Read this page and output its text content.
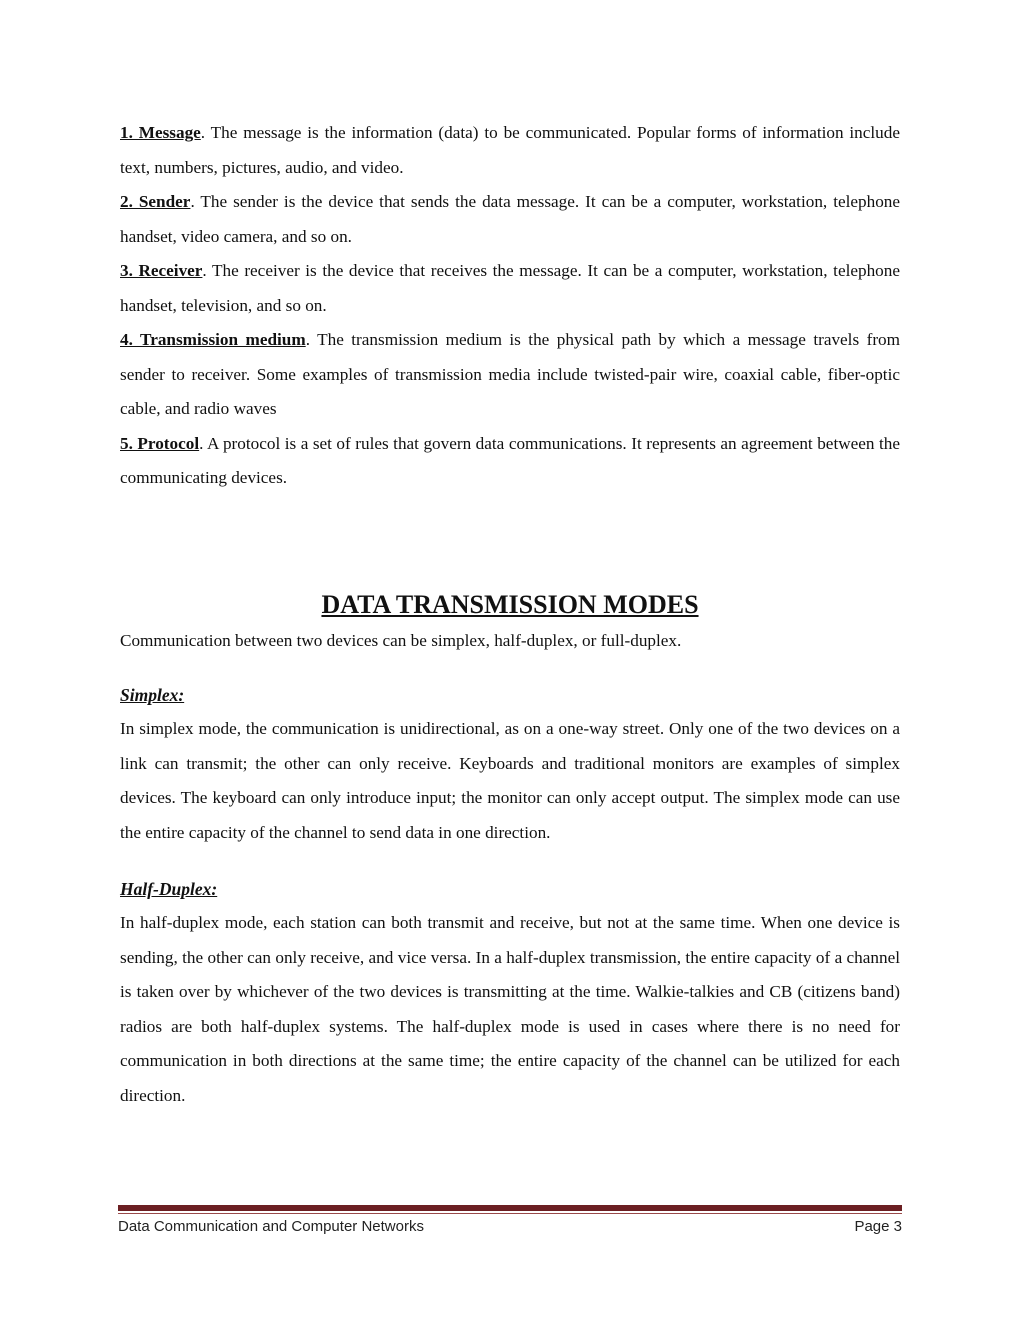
1. Message. The message is the information (data) to be communicated. Popular forms of information include text, numbers, pictures, audio, and video.

2. Sender. The sender is the device that sends the data message. It can be a computer, workstation, telephone handset, video camera, and so on.

3. Receiver. The receiver is the device that receives the message. It can be a computer, workstation, telephone handset, television, and so on.

4. Transmission medium. The transmission medium is the physical path by which a message travels from sender to receiver. Some examples of transmission media include twisted-pair wire, coaxial cable, fiber-optic cable, and radio waves

5. Protocol. A protocol is a set of rules that govern data communications. It represents an agreement between the communicating devices.

DATA TRANSMISSION MODES

Communication between two devices can be simplex, half-duplex, or full-duplex.

Simplex:

In simplex mode, the communication is unidirectional, as on a one-way street. Only one of the two devices on a link can transmit; the other can only receive. Keyboards and traditional monitors are examples of simplex devices. The keyboard can only introduce input; the monitor can only accept output. The simplex mode can use the entire capacity of the channel to send data in one direction.

Half-Duplex:

In half-duplex mode, each station can both transmit and receive, but not at the same time. When one device is sending, the other can only receive, and vice versa. In a half-duplex transmission, the entire capacity of a channel is taken over by whichever of the two devices is transmitting at the time. Walkie-talkies and CB (citizens band) radios are both half-duplex systems. The half-duplex mode is used in cases where there is no need for communication in both directions at the same time; the entire capacity of the channel can be utilized for each direction.

Data Communication and Computer Networks	Page 3
